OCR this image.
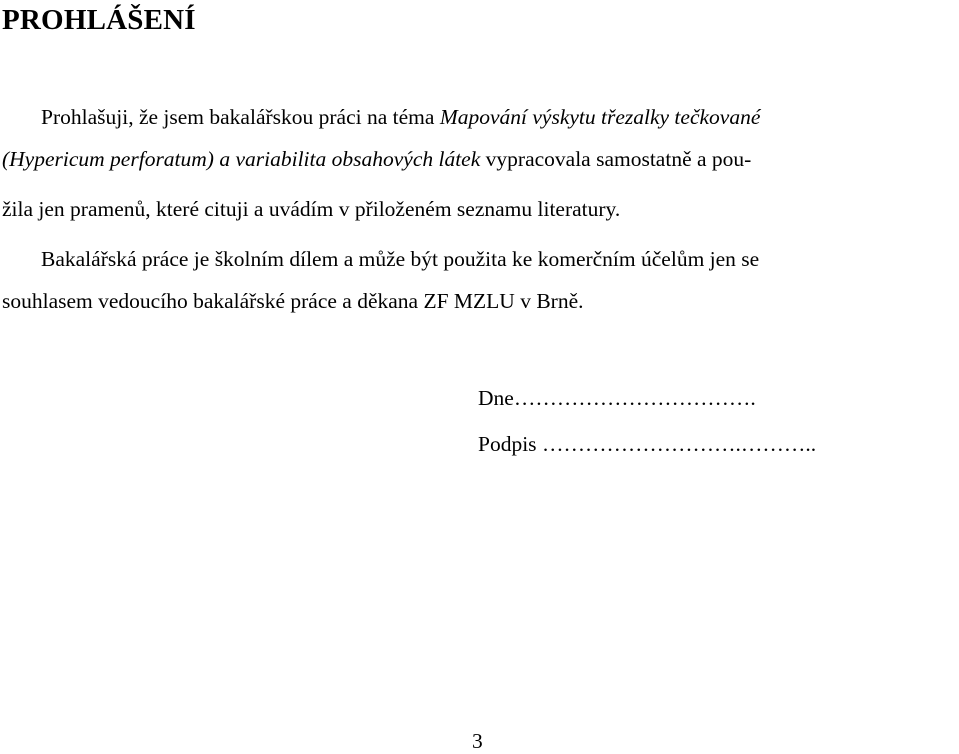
PROHLÁŠENÍ
Prohlašuji, že jsem bakalářskou práci na téma Mapování výskytu třezalky tečkované
(Hypericum perforatum) a variabilita obsahových látek vypracovala samostatně a pou-
žila jen pramenů, které cituji a uvádím v přiloženém seznamu literatury.
Bakalářská práce je školním dílem a může být použita ke komerčním účelům jen se
souhlasem vedoucího bakalářské práce a děkana ZF MZLU v Brně.
Dne…………………………….
Podpis ……………………….………..
3
